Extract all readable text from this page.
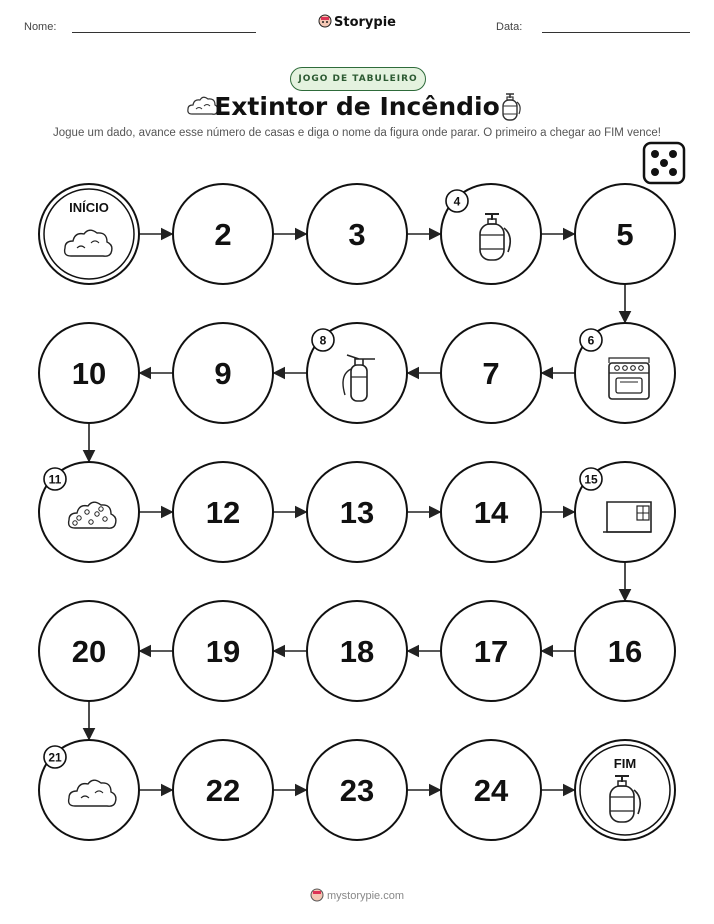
Nome:	Data:
Storypie
JOGO DE TABULEIRO
Extintor de Incêndio
Jogue um dado, avance esse número de casas e diga o nome da figura onde parar. O primeiro a chegar ao FIM vence!
INÍCIO
2	3
4
5
6
7
8
9
10
11
12	13	14
15
16
17
18
19
20
21
22	23	24
FIM
mystorypie.com
